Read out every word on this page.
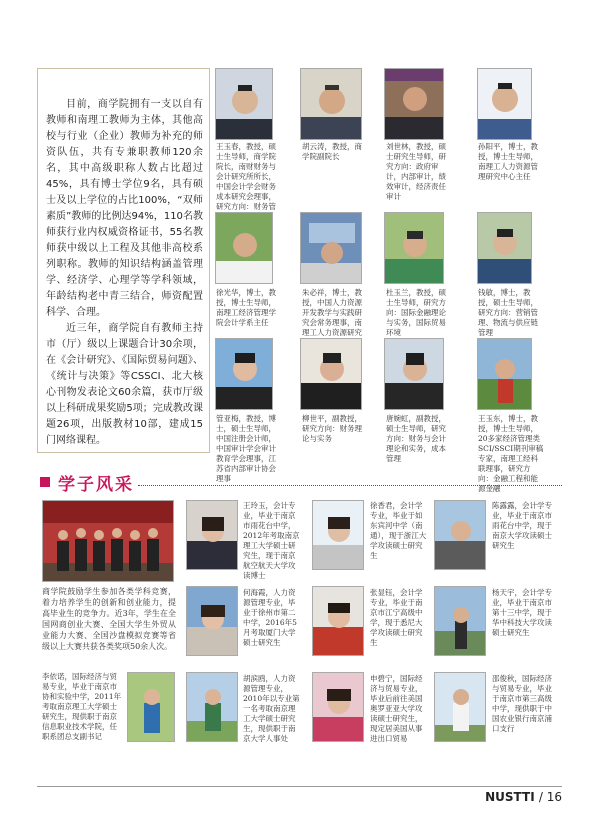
目前，商学院拥有一支以自有教师和南理工教师为主体，其他高校与行业（企业）教师为补充的师资队伍，共有专兼职教师120余名，其中高级职称人数占比超过45%，具有博士学位9名，具有硕士及以上学位的占比100%，“双师素质”教师的比例达94%，110名教师获行业内权威资格证书，55名教师获中级以上工程及其他非高校系列职称。教师的知识结构涵盖管理学、经济学、心理学等学科领域，年龄结构老中青三结合，师资配置科学、合理。

近三年，商学院自有教师主持市（厅）级以上课题合计30余项，在《会计研究》、《国际贸易问题》、《统计与决策》等CSSCI、北大核心刊物发表论文60余篇，获市厅级以上科研成果奖励5项；完成教改课题26项，出版教材10部，建成15门网络课程。

王玉春，教授，硕士生导师，商学院院长，南财财务与会计研究所所长，中国会计学会财务成本研究会理事，研究方向：财务管
胡云涛，教授，商学院副院长
刘世林，教授，硕士研究生导师，研究方向：政府审计，内部审计，绩效审计，经济责任审计
孙阳平，博士，教授，博士生导师，南理工人力资源管理研究中心主任
徐光华，博士，教授，博士生导师，南理工经济管理学院会计学系主任
朱必祥，博士，教授，中国人力资源开发教学与实践研究会常务理事，南理工人力资源研究
杜玉兰，教授，硕士生导师，研究方向：国际金融理论与实务，国际贸易环境
钱敏，博士，教授，硕士生导师，研究方向：营销管理、物流与供应链管理
管亚梅，教授，博士，硕士生导师，中国注册会计师，中国审计学会审计教育学会理事，江苏省内部审计协会理事
柳世平，副教授，研究方向：财务理论与实务
唐婉虹，副教授，硕士生导师，研究方向：财务与会计理论和实务，成本管理
王玉东，博士，教授，博士生导师，20多家经济管理类SCI/SSCI期刊审稿专家，南理工经科联理事，研究方向：金融工程和能源金融
学子风采
商学院鼓励学生参加各类学科竞赛，着力培养学生的创新和创业能力，提高毕业生的竞争力。近3年，学生在全国网商创业大赛、全国大学生外贸从业能力大赛、全国沙盘模拟竞赛等省级以上大赛共获各类奖项50余人次。
王玲玉，会计专业，毕业于南京市雨花台中学，2012年考取南京理工大学硕士研究生，现于南京航空航天大学攻读博士
徐香君，会计学专业，毕业于如东宾河中学（南通），现于浙江大学攻读硕士研究生
陈露露，会计学专业，毕业于南京市雨花台中学，现于南京大学攻读硕士研究生
何海霞，人力资源管理专业，毕业于徐州市第二中学，2016年5月考取厦门大学硕士研究生
张显钰，会计学专业，毕业于南京市江宁高级中学，现于悉尼大学攻读硕士研究生
杨天宇，会计学专业，毕业于南京市第十三中学，现于华中科技大学攻读硕士研究生
李依诺，国际经济与贸易专业，毕业于南京市协和实验中学，2011年考取南京理工大学硕士研究生，现供职于南京信息职业技术学院，任职系团总支副书记
胡滨鸥，人力资源管理专业，2010年以专业第一名考取南京理工大学硕士研究生，现供职于南京大学人事处
申碧宁，国际经济与贸易专业，毕业后前往美国奥罗亚亚大学攻读硕士研究生，现定居美国从事进出口贸易
邵俊秋，国际经济与贸易专业，毕业于南京市第三高级中学，现供职于中国农业银行南京浦口支行
NUSTTI / 16
